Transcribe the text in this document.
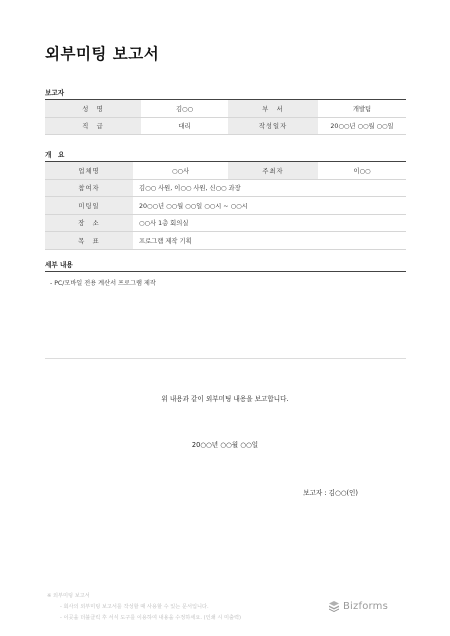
외부미팅 보고서
보고자
성　명	김○○	부　서	개발팀
직　급	대리	작성일자	20○○년 ○○월 ○○일
개　요
업체명	○○사	주최자	이○○
참여자	김○○ 사원, 이○○ 사원, 신○○ 과장		
미팅일	20○○년 ○○월 ○○일 ○○시 ~ ○○시		
장　소	○○사 1층 회의실		
목　표	프로그램 제작 기획		
세부 내용
- PC/모바일 전용 계산서 프로그램 제작
위 내용과 같이 외부미팅 내용을 보고합니다.
20○○년 ○○월 ○○일
보고자 : 김○○(인)
※ 외부미팅 보고서
- 회사의 외부미팅 보고서를 작성할 때 사용할 수 있는 문서입니다.
- 이곳을 더블클릭 후 서식 도구를 이용하여 내용을 수정하세요. (인쇄 시 미출력)
Bizforms
